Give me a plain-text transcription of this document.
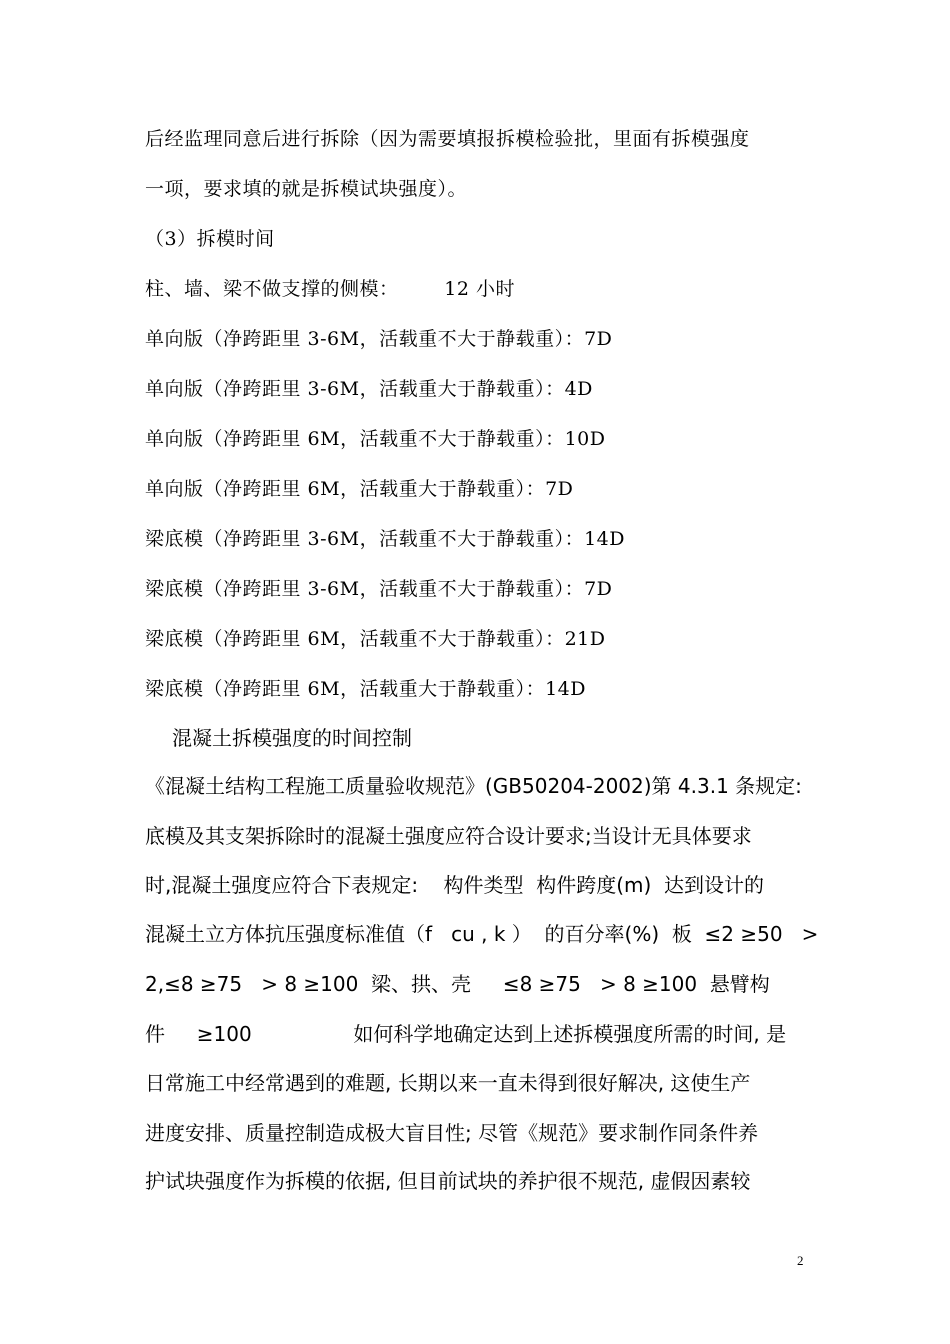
后经监理同意后进行拆除（因为需要填报拆模检验批，里面有拆模强度
一项，要求填的就是拆模试块强度）。
（3）拆模时间
柱、墙、梁不做支撑的侧模：       12 小时
单向版（净跨距里 3-6M，活载重不大于静载重）：7D
单向版（净跨距里 3-6M，活载重大于静载重）：4D
单向版（净跨距里 6M，活载重不大于静载重）：10D
单向版（净跨距里 6M，活载重大于静载重）：7D
梁底模（净跨距里 3-6M，活载重不大于静载重）：14D
梁底模（净跨距里 3-6M，活载重不大于静载重）：7D
梁底模（净跨距里 6M，活载重不大于静载重）：21D
梁底模（净跨距里 6M，活载重大于静载重）：14D
混凝土拆模强度的时间控制
《混凝土结构工程施工质量验收规范》(GB50204-2002)第 4.3.1 条规定:
底模及其支架拆除时的混凝土强度应符合设计要求;当设计无具体要求
时,混凝土强度应符合下表规定:    构件类型  构件跨度(m)  达到设计的
混凝土立方体抗压强度标准值（f   cu , k ）  的百分率(%)  板  ≤2 ≥50   >
2,≤8 ≥75   > 8 ≥100  梁、拱、壳     ≤8 ≥75   > 8 ≥100  悬臂构
件     ≥100                如何科学地确定达到上述拆模强度所需的时间, 是
日常施工中经常遇到的难题, 长期以来一直未得到很好解决, 这使生产
进度安排、质量控制造成极大盲目性; 尽管《规范》要求制作同条件养
护试块强度作为拆模的依据, 但目前试块的养护很不规范, 虚假因素较
2
